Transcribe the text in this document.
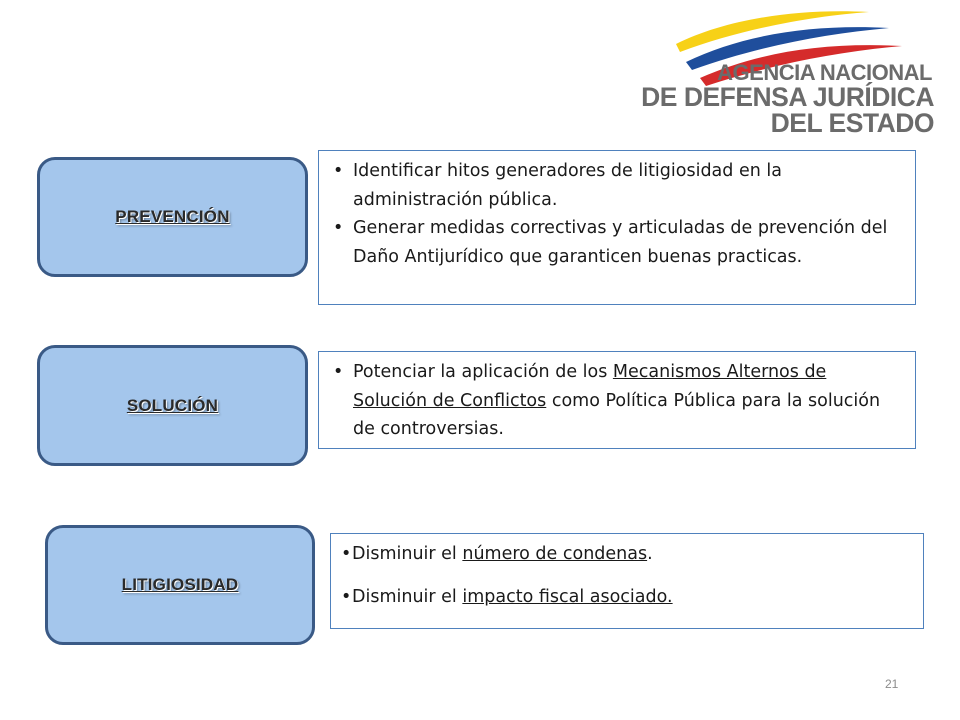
AGENCIA NACIONAL
DE DEFENSA JURÍDICA
DEL ESTADO
PREVENCIÓN
• Identificar hitos generadores de litigiosidad en la administración pública.
• Generar medidas correctivas y articuladas de prevención del Daño Antijurídico que garanticen buenas practicas.
SOLUCIÓN
• Potenciar la aplicación de los Mecanismos Alternos de Solución de Conflictos como Política Pública para la solución de controversias.
LITIGIOSIDAD
• Disminuir el número de condenas.
• Disminuir el impacto fiscal asociado.
21
